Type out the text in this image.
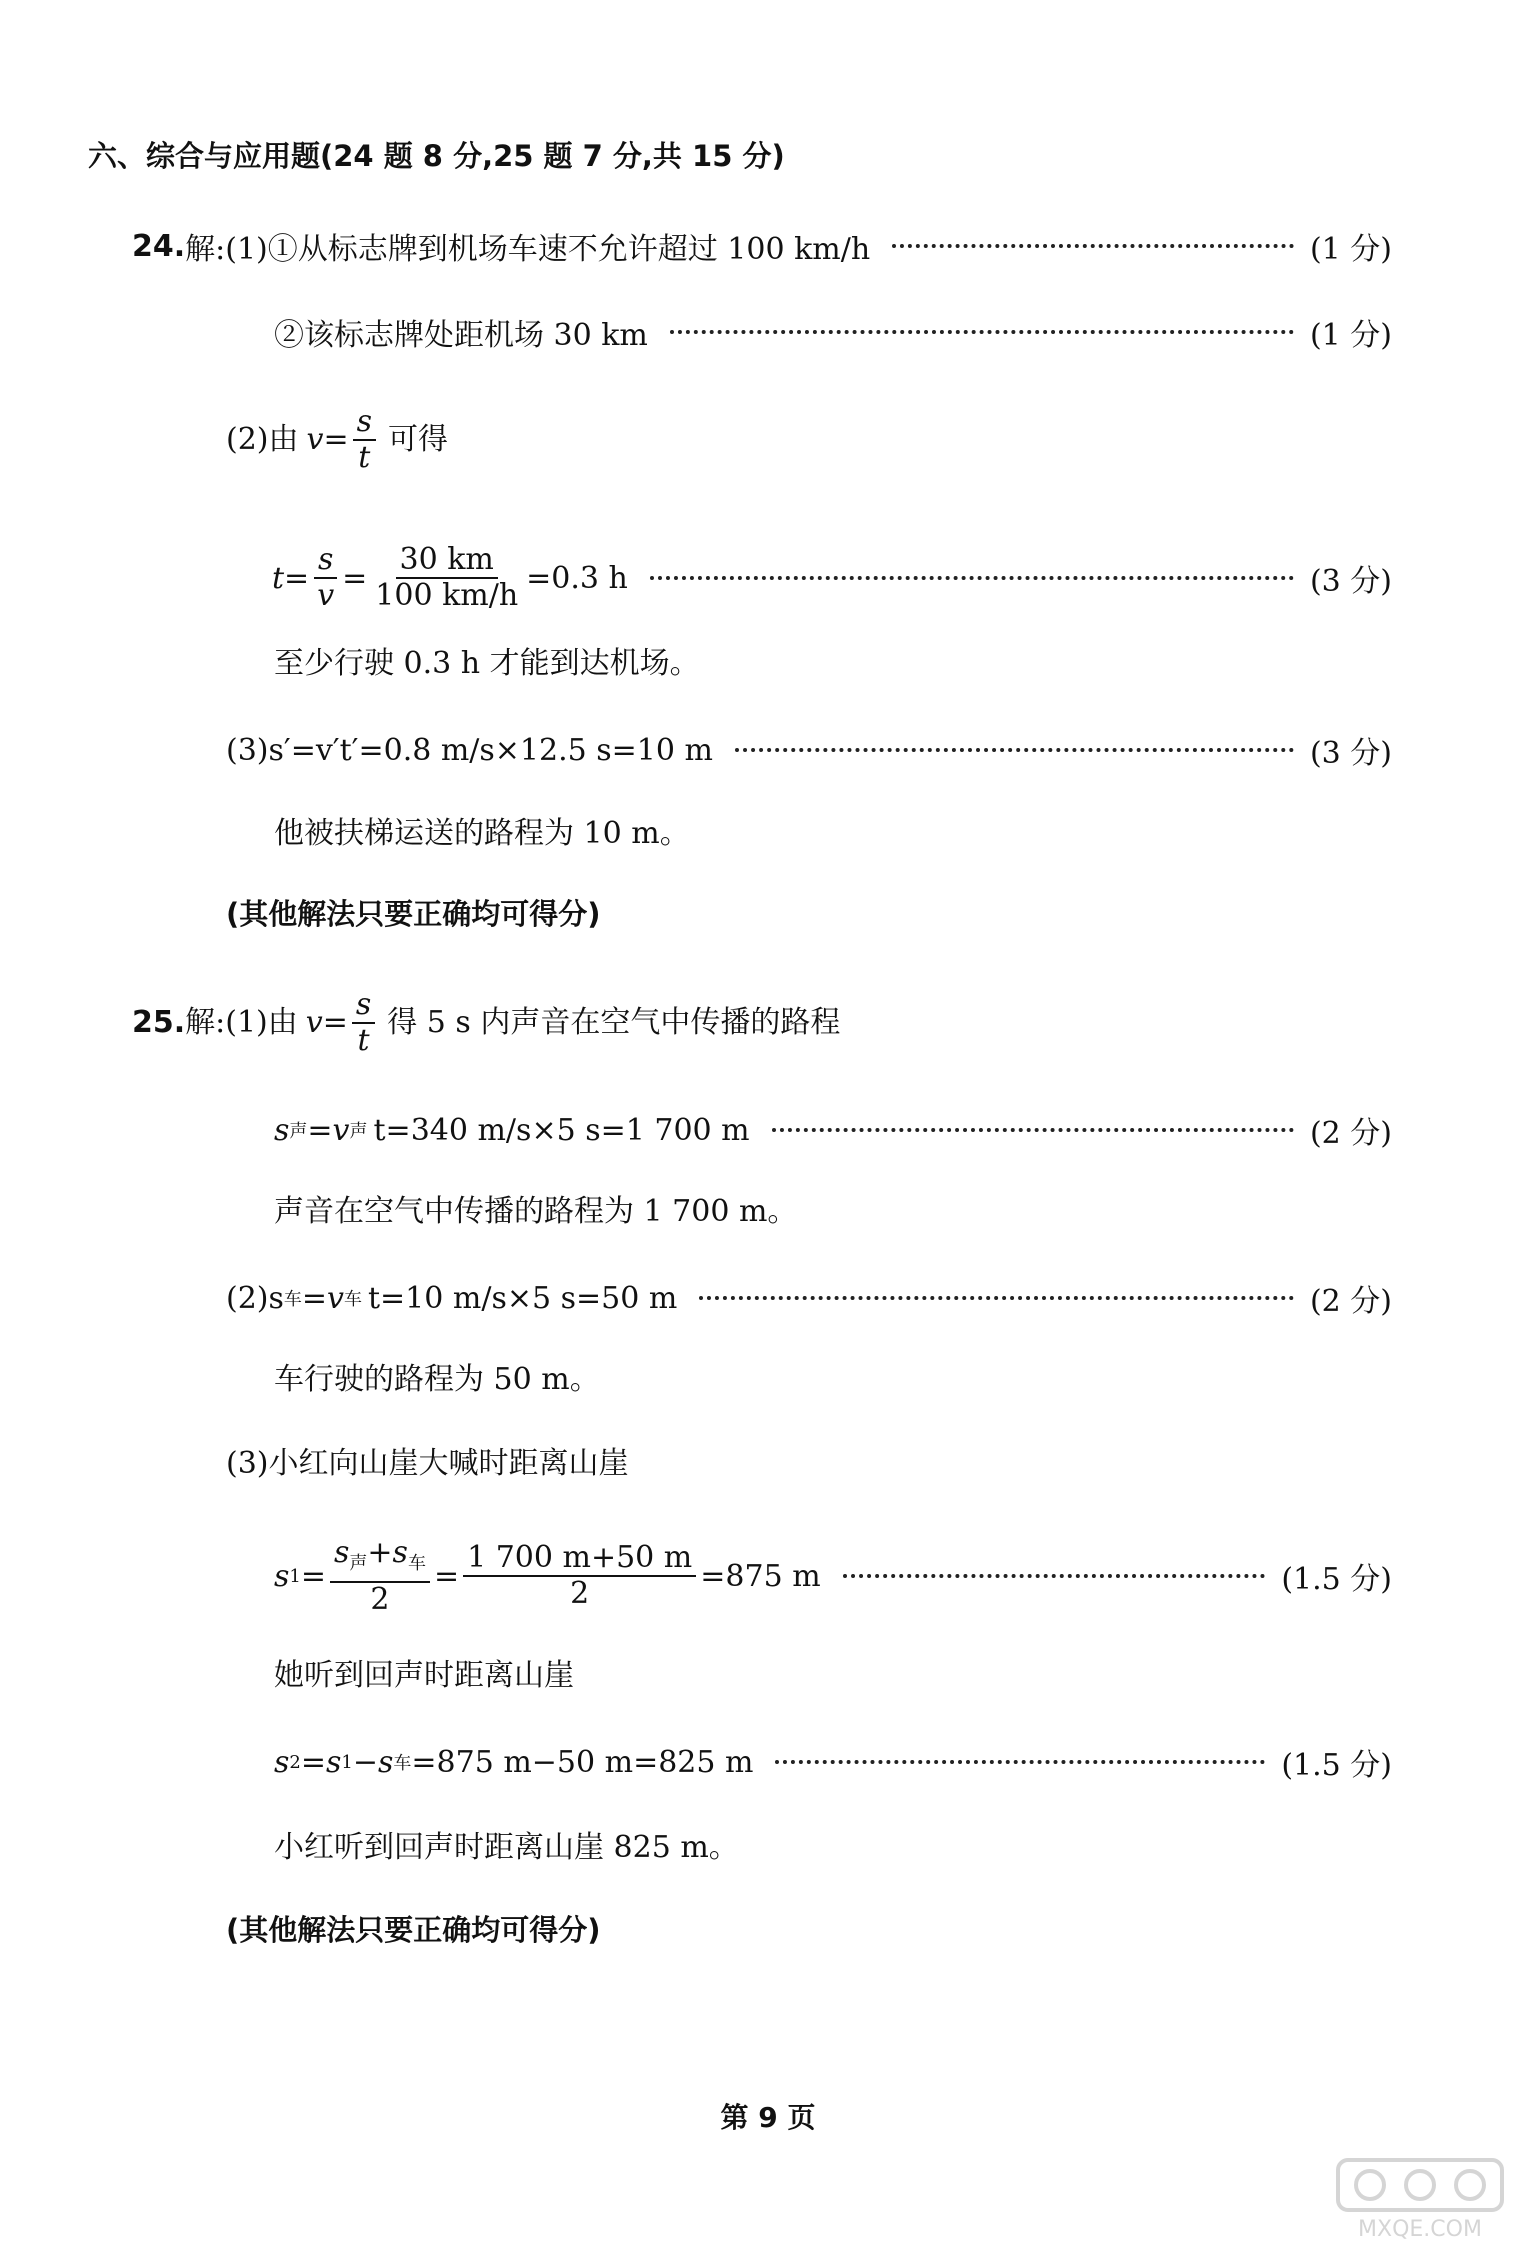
六、综合与应用题(24 题 8 分,25 题 7 分,共 15 分)
24. 解:(1) ①从标志牌到机场车速不允许超过 100 km/h	(1 分)
②该标志牌处距机场 30 km	(1 分)
(2)由 $v= \frac{s}{t}$ 可得
$t= \frac{s}{v} = \frac{30 km}{100 km/h} =0.3$ h	(3 分)
至少行驶 0.3 h 才能到达机场。
(3)s′=v′t′=0.8 m/s×12.5 s=10 m	(3 分)
他被扶梯运送的路程为 10 m。
(其他解法只要正确均可得分)
25. 解:(1)由 $v= \frac{s}{t}$ 得 5 s 内声音在空气中传播的路程
s 声 =v 声 t=340 m/s×5 s=1 700 m	(2 分)
声音在空气中传播的路程为 1 700 m。
(2)s 车 =v 车 t=10 m/s×5 s=50 m	(2 分)
车行驶的路程为 50 m。
(3)小红向山崖大喊时距离山崖
s $1 = \frac{s_声+s_车}{2} = \frac{1 700 m+50 m}{2} =875$ m	(1.5 分)
她听到回声时距离山崖
s 2 =s 1 −s 车 =875 m−50 m=825 m	(1.5 分)
小红听到回声时距离山崖 825 m。
(其他解法只要正确均可得分)
第 9 页
MXQE.COM
